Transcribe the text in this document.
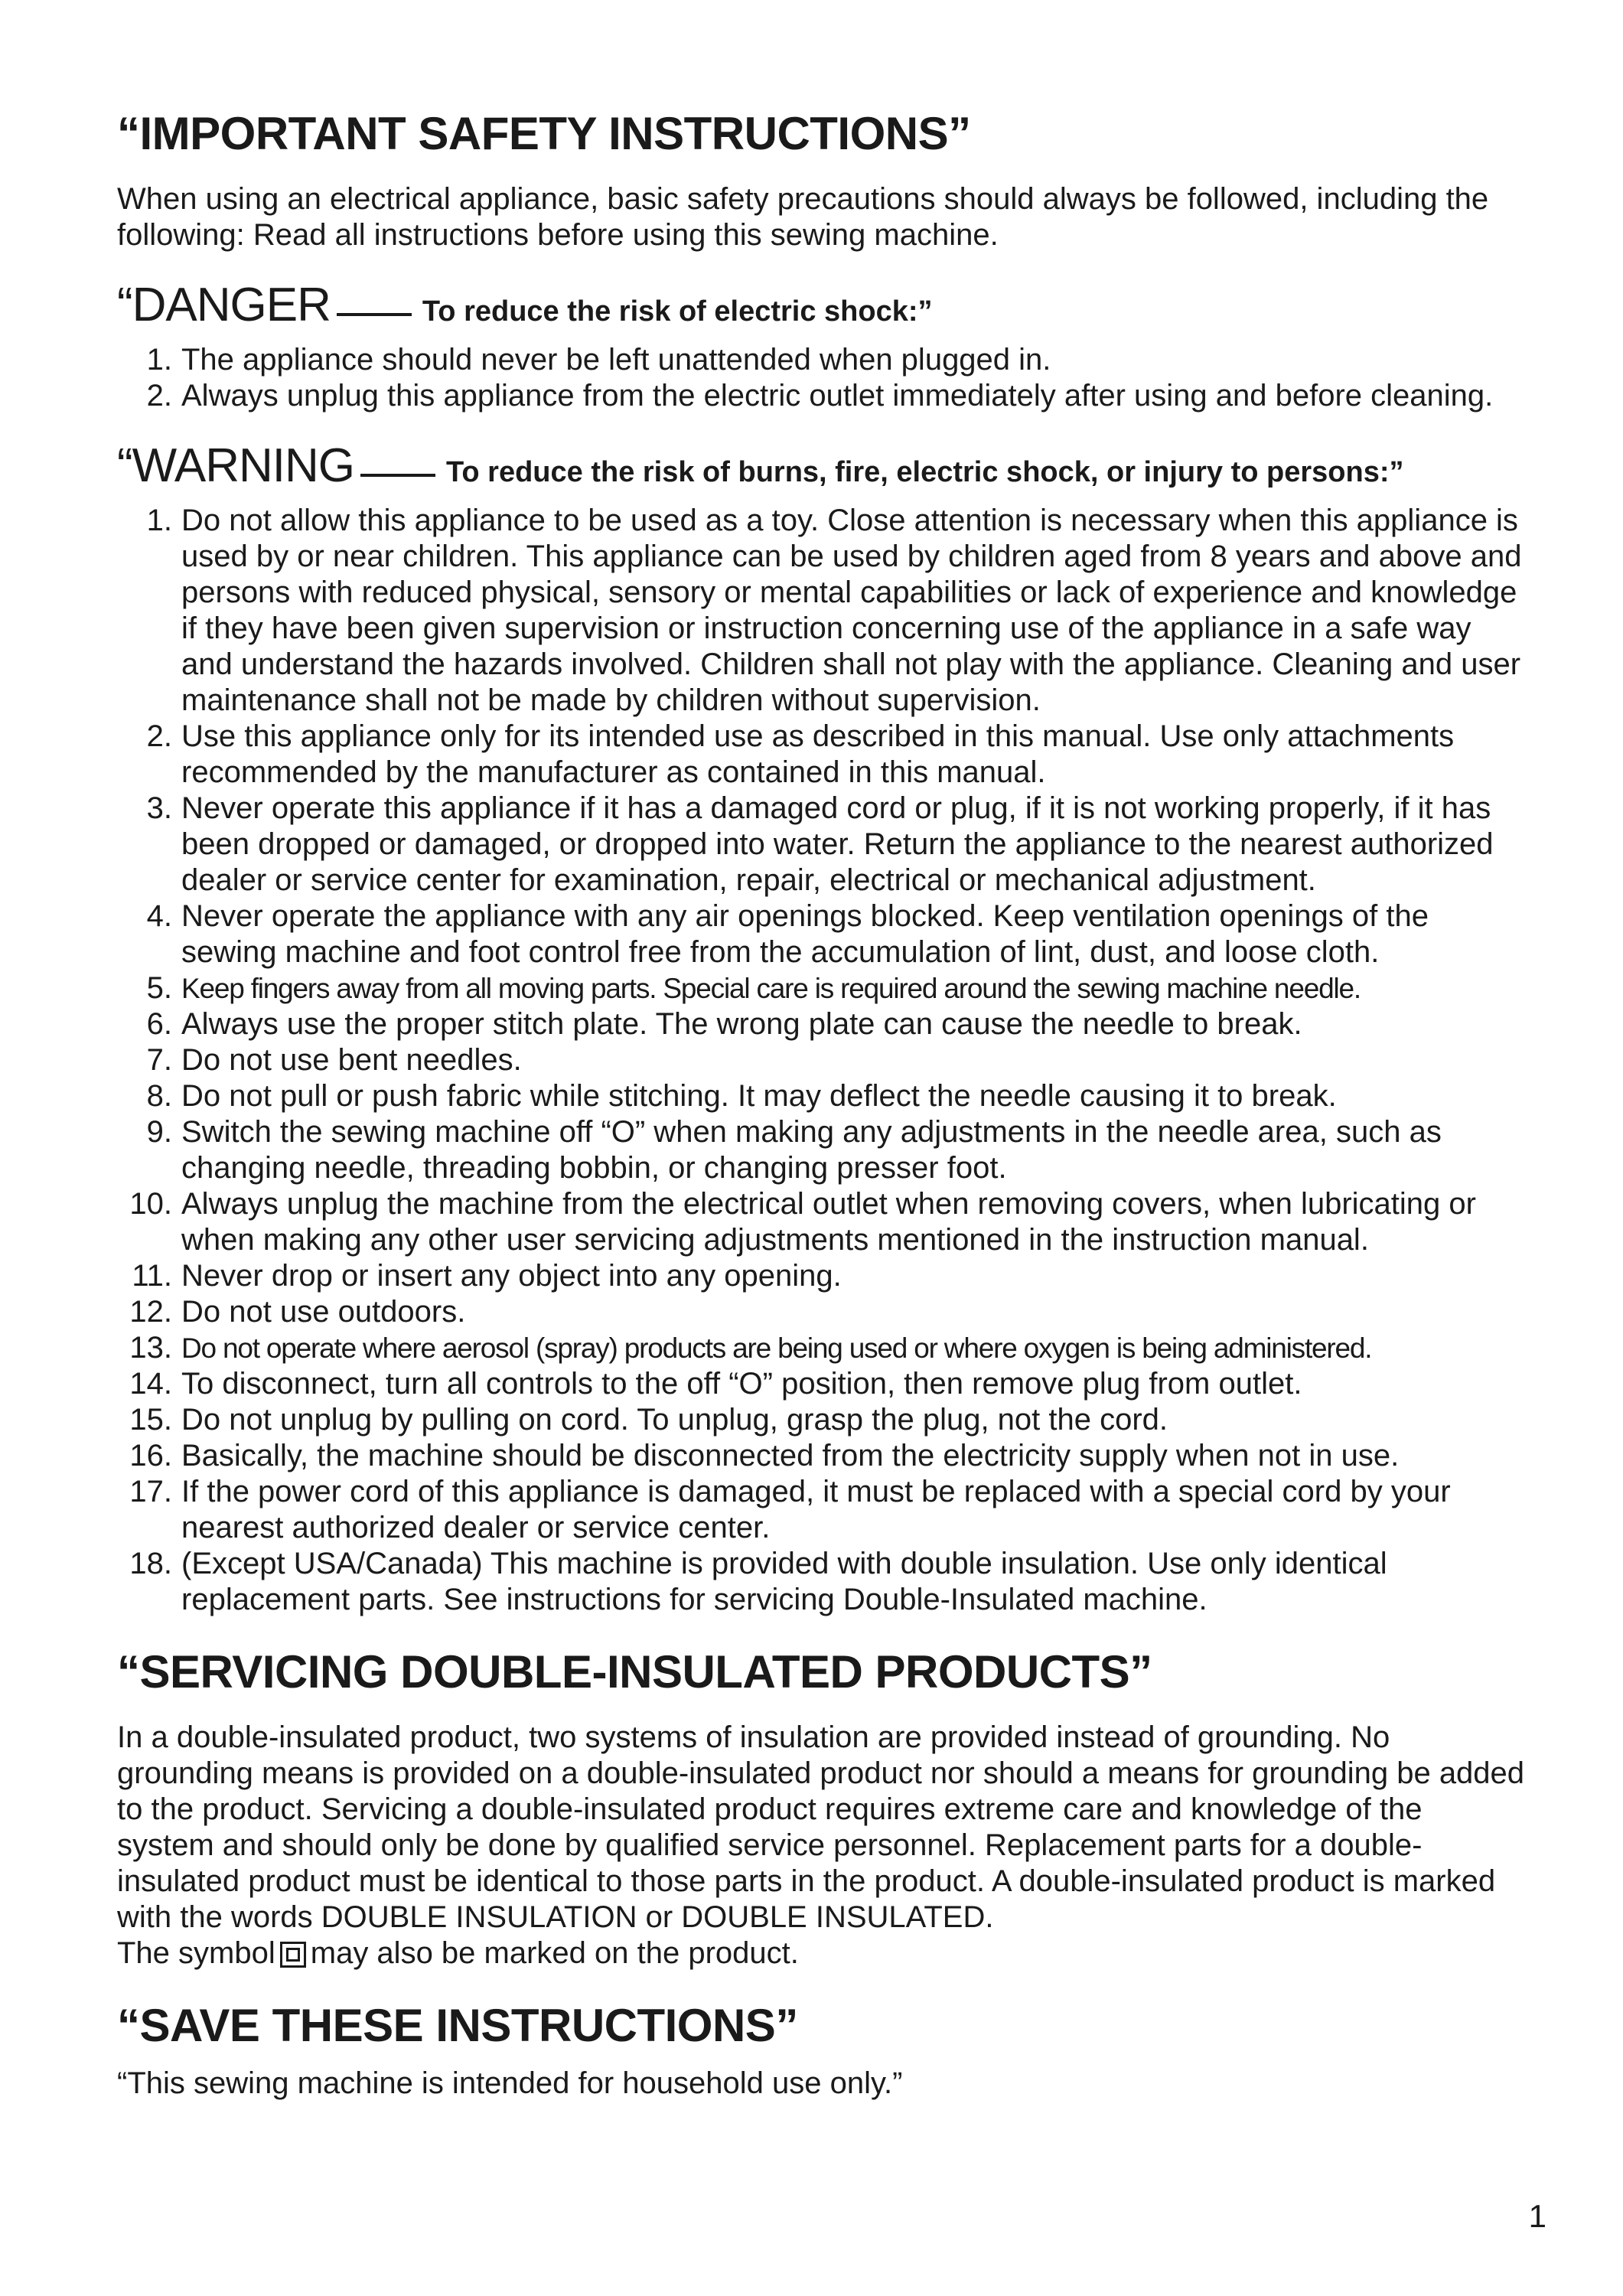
“IMPORTANT SAFETY INSTRUCTIONS”

When using an electrical appliance, basic safety precautions should always be followed, including the following: Read all instructions before using this sewing machine.

“DANGER	To reduce the risk of electric shock:”
1. The appliance should never be left unattended when plugged in.
2. Always unplug this appliance from the electric outlet immediately after using and before cleaning.
“WARNING	To reduce the risk of burns, fire, electric shock, or injury to persons:”
1. Do not allow this appliance to be used as a toy. Close attention is necessary when this appliance is used by or near children. This appliance can be used by children aged from 8 years and above and persons with reduced physical, sensory or mental capabilities or lack of experience and knowledge if they have been given supervision or instruction concerning use of the appliance in a safe way and understand the hazards involved. Children shall not play with the appliance. Cleaning and user maintenance shall not be made by children without supervision.
2. Use this appliance only for its intended use as described in this manual. Use only attachments recommended by the manufacturer as contained in this manual.
3. Never operate this appliance if it has a damaged cord or plug, if it is not working properly, if it has been dropped or damaged, or dropped into water. Return the appliance to the nearest authorized dealer or service center for examination, repair, electrical or mechanical adjustment.
4. Never operate the appliance with any air openings blocked. Keep ventilation openings of the sewing machine and foot control free from the accumulation of lint, dust, and loose cloth.
5. Keep fingers away from all moving parts. Special care is required around the sewing machine needle.
6. Always use the proper stitch plate. The wrong plate can cause the needle to break.
7. Do not use bent needles.
8. Do not pull or push fabric while stitching. It may deflect the needle causing it to break.
9. Switch the sewing machine off “O” when making any adjustments in the needle area, such as changing needle, threading bobbin, or changing presser foot.
10. Always unplug the machine from the electrical outlet when removing covers, when lubricating or when making any other user servicing adjustments mentioned in the instruction manual.
11. Never drop or insert any object into any opening.
12. Do not use outdoors.
13. Do not operate where aerosol (spray) products are being used or where oxygen is being administered.
14. To disconnect, turn all controls to the off “O” position, then remove plug from outlet.
15. Do not unplug by pulling on cord. To unplug, grasp the plug, not the cord.
16. Basically, the machine should be disconnected from the electricity supply when not in use.
17. If the power cord of this appliance is damaged, it must be replaced with a special cord by your nearest authorized dealer or service center.
18. (Except USA/Canada) This machine is provided with double insulation. Use only identical replacement parts. See instructions for servicing Double-Insulated machine.
“SERVICING DOUBLE-INSULATED PRODUCTS”

In a double-insulated product, two systems of insulation are provided instead of grounding. No grounding means is provided on a double-insulated product nor should a means for grounding be added to the product. Servicing a double-insulated product requires extreme care and knowledge of the system and should only be done by qualified service personnel. Replacement parts for a double-insulated product must be identical to those parts in the product. A double-insulated product is marked with the words DOUBLE INSULATION or DOUBLE INSULATED.

The symbol may also be marked on the product.

“SAVE THESE INSTRUCTIONS”

“This sewing machine is intended for household use only.”

1
